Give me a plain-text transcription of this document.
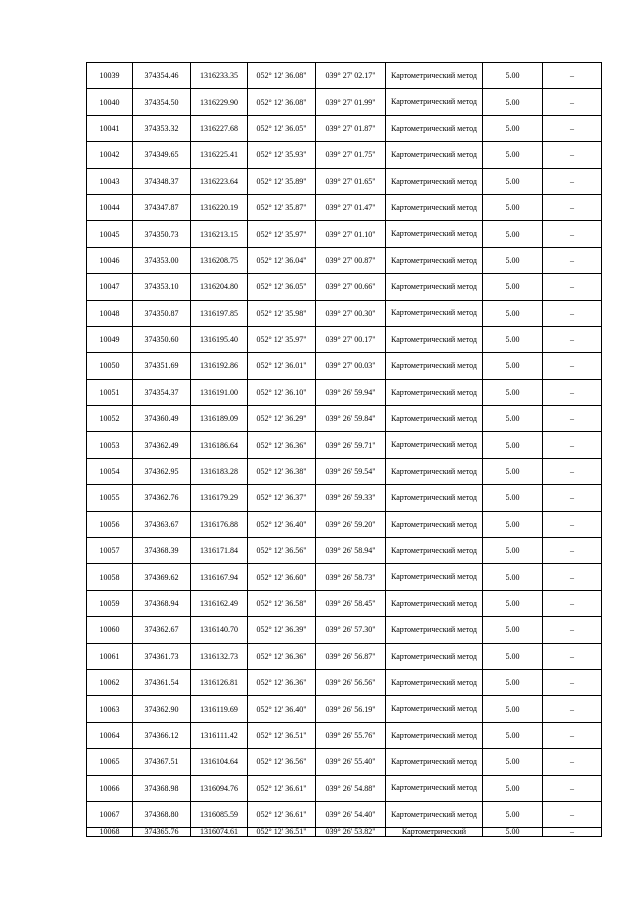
10039	374354.46	1316233.35	052° 12' 36.08"	039° 27' 02.17"	Картометрический метод	5.00	–
10040	374354.50	1316229.90	052° 12' 36.08"	039° 27' 01.99"	Картометрический метод	5.00	–
10041	374353.32	1316227.68	052° 12' 36.05"	039° 27' 01.87"	Картометрический метод	5.00	–
10042	374349.65	1316225.41	052° 12' 35.93"	039° 27' 01.75"	Картометрический метод	5.00	–
10043	374348.37	1316223.64	052° 12' 35.89"	039° 27' 01.65"	Картометрический метод	5.00	–
10044	374347.87	1316220.19	052° 12' 35.87"	039° 27' 01.47"	Картометрический метод	5.00	–
10045	374350.73	1316213.15	052° 12' 35.97"	039° 27' 01.10"	Картометрический метод	5.00	–
10046	374353.00	1316208.75	052° 12' 36.04"	039° 27' 00.87"	Картометрический метод	5.00	–
10047	374353.10	1316204.80	052° 12' 36.05"	039° 27' 00.66"	Картометрический метод	5.00	–
10048	374350.87	1316197.85	052° 12' 35.98"	039° 27' 00.30"	Картометрический метод	5.00	–
10049	374350.60	1316195.40	052° 12' 35.97"	039° 27' 00.17"	Картометрический метод	5.00	–
10050	374351.69	1316192.86	052° 12' 36.01"	039° 27' 00.03"	Картометрический метод	5.00	–
10051	374354.37	1316191.00	052° 12' 36.10"	039° 26' 59.94"	Картометрический метод	5.00	–
10052	374360.49	1316189.09	052° 12' 36.29"	039° 26' 59.84"	Картометрический метод	5.00	–
10053	374362.49	1316186.64	052° 12' 36.36"	039° 26' 59.71"	Картометрический метод	5.00	–
10054	374362.95	1316183.28	052° 12' 36.38"	039° 26' 59.54"	Картометрический метод	5.00	–
10055	374362.76	1316179.29	052° 12' 36.37"	039° 26' 59.33"	Картометрический метод	5.00	–
10056	374363.67	1316176.88	052° 12' 36.40"	039° 26' 59.20"	Картометрический метод	5.00	–
10057	374368.39	1316171.84	052° 12' 36.56"	039° 26' 58.94"	Картометрический метод	5.00	–
10058	374369.62	1316167.94	052° 12' 36.60"	039° 26' 58.73"	Картометрический метод	5.00	–
10059	374368.94	1316162.49	052° 12' 36.58"	039° 26' 58.45"	Картометрический метод	5.00	–
10060	374362.67	1316140.70	052° 12' 36.39"	039° 26' 57.30"	Картометрический метод	5.00	–
10061	374361.73	1316132.73	052° 12' 36.36"	039° 26' 56.87"	Картометрический метод	5.00	–
10062	374361.54	1316126.81	052° 12' 36.36"	039° 26' 56.56"	Картометрический метод	5.00	–
10063	374362.90	1316119.69	052° 12' 36.40"	039° 26' 56.19"	Картометрический метод	5.00	–
10064	374366.12	1316111.42	052° 12' 36.51"	039° 26' 55.76"	Картометрический метод	5.00	–
10065	374367.51	1316104.64	052° 12' 36.56"	039° 26' 55.40"	Картометрический метод	5.00	–
10066	374368.98	1316094.76	052° 12' 36.61"	039° 26' 54.88"	Картометрический метод	5.00	–
10067	374368.80	1316085.59	052° 12' 36.61"	039° 26' 54.40"	Картометрический метод	5.00	–
10068	374365.76	1316074.61	052° 12' 36.51"	039° 26' 53.82"	Картометрический	5.00	–
